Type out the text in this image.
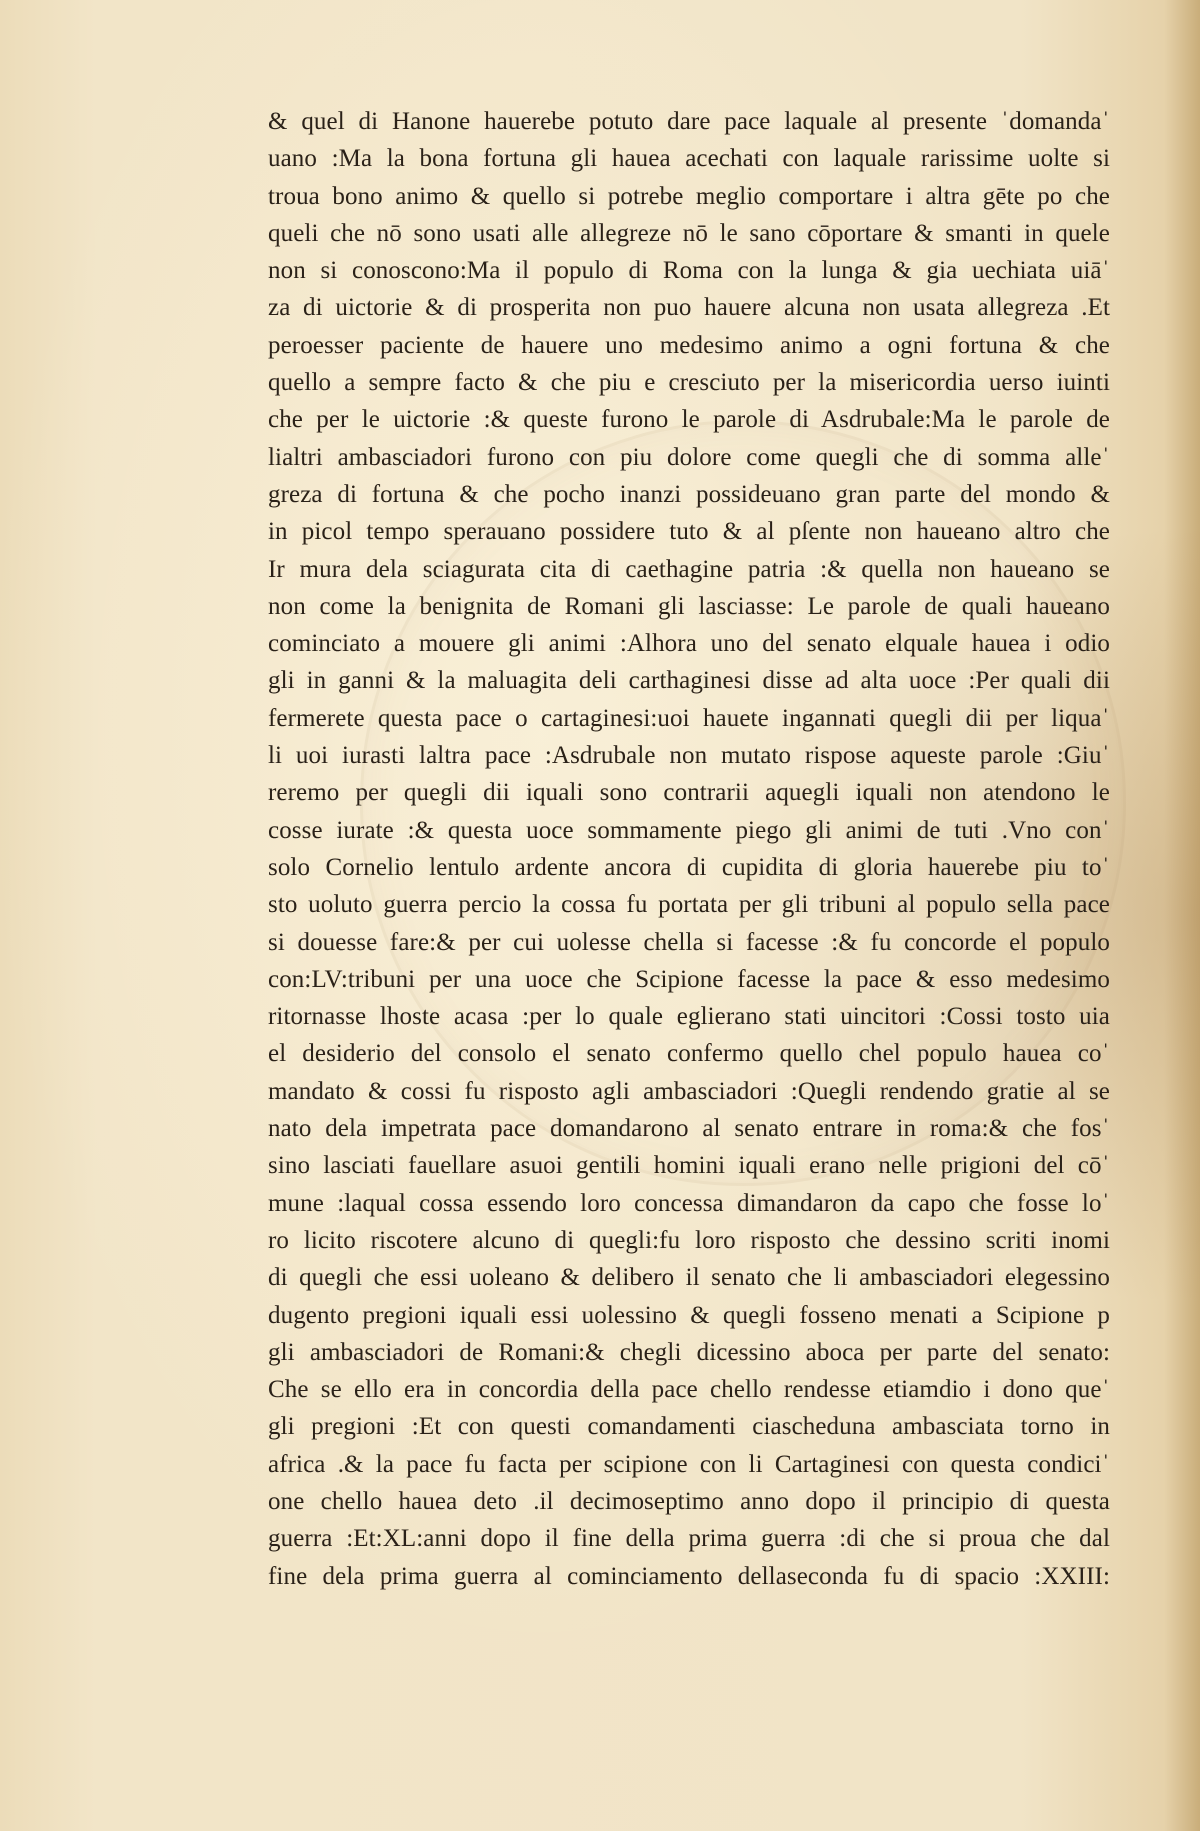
& quel di Hanone hauerebe potuto dare pace laquale al presente ˈdomandaˈ
uano :Ma la bona fortuna gli hauea acechati con laquale rarissime uolte si
troua bono animo & quello si potrebe meglio comportare i altra gēte po che
queli che nō sono usati alle allegreze nō le sano cōportare & smanti in quele
non si conoscono:Ma il populo di Roma con la lunga & gia uechiata uiāˈ
za di uictorie & di prosperita non puo hauere alcuna non usata allegreza .Et
peroesser paciente de hauere uno medesimo animo a ogni fortuna & che
quello a sempre facto & che piu e cresciuto per la misericordia uerso iuinti
che per le uictorie :& queste furono le parole di Asdrubale:Ma le parole de
lialtri ambasciadori furono con piu dolore come quegli che di somma alleˈ
greza di fortuna & che pocho inanzi possideuano gran parte del mondo &
in picol tempo sperauano possidere tuto & al pſente non haueano altro che
Ir mura dela sciagurata cita di caethagine patria :& quella non haueano se
non come la benignita de Romani gli lasciasse: Le parole de quali haueano
cominciato a mouere gli animi :Alhora uno del senato elquale hauea i odio
gli in ganni & la maluagita deli carthaginesi disse ad alta uoce :Per quali dii
fermerete questa pace o cartaginesi:uoi hauete ingannati quegli dii per liquaˈ
li uoi iurasti laltra pace :Asdrubale non mutato rispose aqueste parole :Giuˈ
reremo per quegli dii iquali sono contrarii aquegli iquali non atendono le
cosse iurate :& questa uoce sommamente piego gli animi de tuti .Vno conˈ
solo Cornelio lentulo ardente ancora di cupidita di gloria hauerebe piu toˈ
sto uoluto guerra percio la cossa fu portata per gli tribuni al populo sella pace
si douesse fare:& per cui uolesse chella si facesse :& fu concorde el populo
con:LV:tribuni per una uoce che Scipione facesse la pace & esso medesimo
ritornasse lhoste acasa :per lo quale eglierano stati uincitori :Cossi tosto uia
el desiderio del consolo el senato confermo quello chel populo hauea coˈ
mandato & cossi fu risposto agli ambasciadori :Quegli rendendo gratie al se
nato dela impetrata pace domandarono al senato entrare in roma:& che fosˈ
sino lasciati fauellare asuoi gentili homini iquali erano nelle prigioni del cōˈ
mune :laqual cossa essendo loro concessa dimandaron da capo che fosse loˈ
ro licito riscotere alcuno di quegli:fu loro risposto che dessino scriti inomi
di quegli che essi uoleano & delibero il senato che li ambasciadori elegessino
dugento pregioni iquali essi uolessino & quegli fosseno menati a Scipione p
gli ambasciadori de Romani:& chegli dicessino aboca per parte del senato:
Che se ello era in concordia della pace chello rendesse etiamdio i dono queˈ
gli pregioni :Et con questi comandamenti ciascheduna ambasciata torno in
africa .& la pace fu facta per scipione con li Cartaginesi con questa condiciˈ
one chello hauea deto .il decimoseptimo anno dopo il principio di questa
guerra :Et:XL:anni dopo il fine della prima guerra :di che si proua che dal
fine dela prima guerra al cominciamento dellaseconda fu di spacio :XXIII:
